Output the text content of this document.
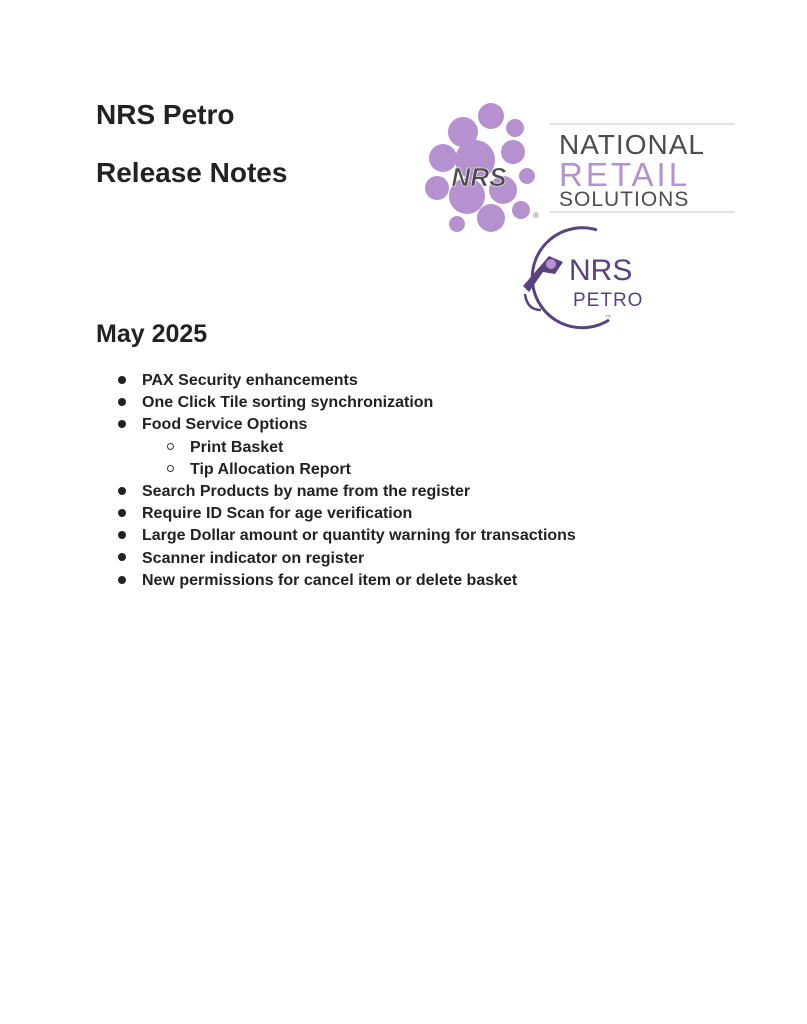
NRS Petro
Release Notes	NRS
®
NATIONAL
RETAIL
SOLUTIONS
NRS
PETRO
™
May 2025
PAX Security enhancements
One Click Tile sorting synchronization
Food Service Options
Print Basket
Tip Allocation Report
Search Products by name from the register
Require ID Scan for age verification
Large Dollar amount or quantity warning for transactions
Scanner indicator on register
New permissions for cancel item or delete basket
